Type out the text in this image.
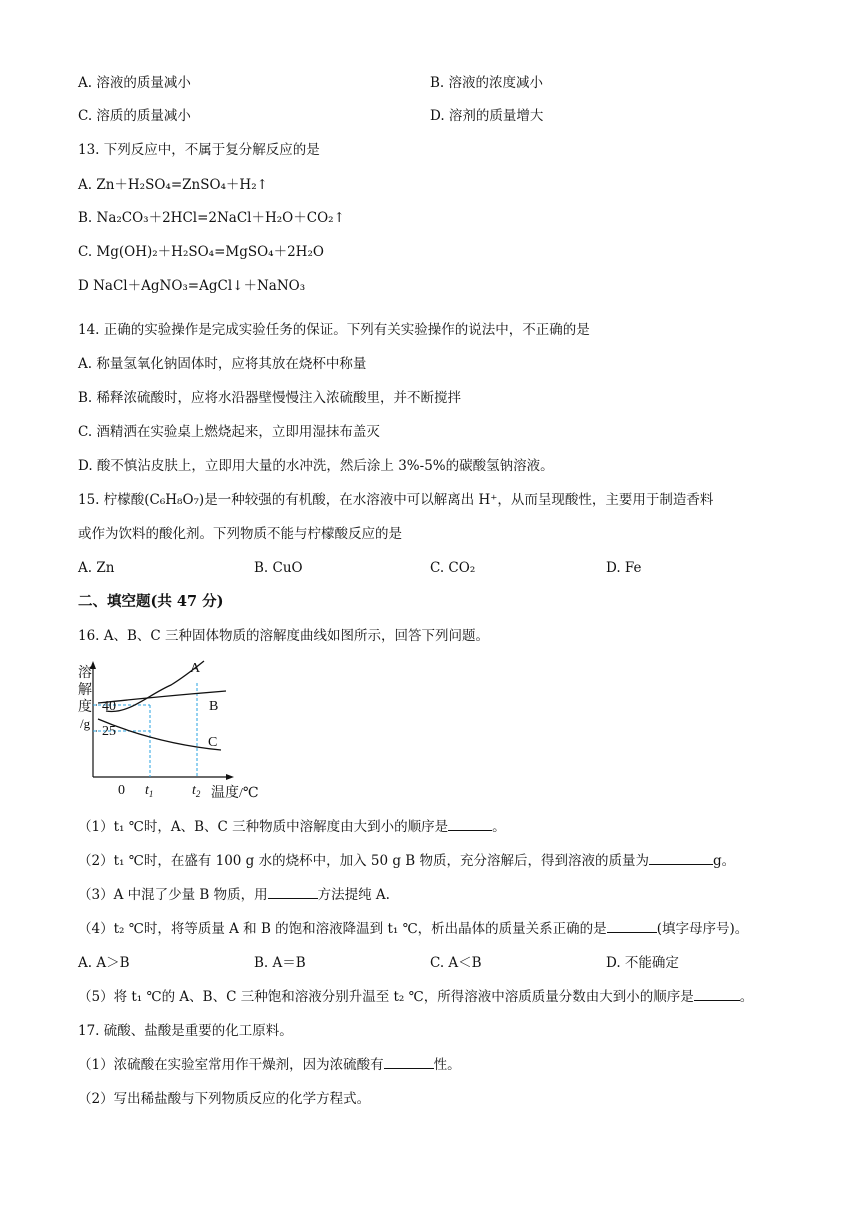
A. 溶液的质量减小	B. 溶液的浓度减小
C. 溶质的质量减小	D. 溶剂的质量增大
13. 下列反应中，不属于复分解反应的是
A. Zn＋H₂SO₄=ZnSO₄＋H₂↑
B. Na₂CO₃＋2HCl=2NaCl＋H₂O＋CO₂↑
C. Mg(OH)₂＋H₂SO₄=MgSO₄＋2H₂O
D NaCl＋AgNO₃=AgCl↓＋NaNO₃
14. 正确的实验操作是完成实验任务的保证。下列有关实验操作的说法中，不正确的是
A. 称量氢氧化钠固体时，应将其放在烧杯中称量
B. 稀释浓硫酸时，应将水沿器壁慢慢注入浓硫酸里，并不断搅拌
C. 酒精洒在实验桌上燃烧起来，立即用湿抹布盖灭
D. 酸不慎沾皮肤上，立即用大量的水冲洗，然后涂上 3%-5%的碳酸氢钠溶液。
15. 柠檬酸(C₆H₈O₇)是一种较强的有机酸，在水溶液中可以解离出 H⁺，从而呈现酸性，主要用于制造香料
或作为饮料的酸化剂。下列物质不能与柠檬酸反应的是
A. Zn	B. CuO	C. CO₂	D. Fe
二、填空题(共 47 分)
16. A、B、C 三种固体物质的溶解度曲线如图所示，回答下列问题。
溶
解
度
/g
40
25
0 $t_1$	$t_2$ 温度/℃
A
B
C
（1）t₁ ℃时，A、B、C 三种物质中溶解度由大到小的顺序是	。
（2）t₁ ℃时，在盛有 100 g 水的烧杯中，加入 50 g B 物质，充分溶解后，得到溶液的质量为	g。
（3）A 中混了少量 B 物质，用	方法提纯 A.
（4）t₂ ℃时，将等质量 A 和 B 的饱和溶液降温到 t₁ ℃，析出晶体的质量关系正确的是	(填字母序号)。
A. A＞B	B. A＝B	C. A＜B	D. 不能确定
（5）将 t₁ ℃的 A、B、C 三种饱和溶液分别升温至 t₂ ℃，所得溶液中溶质质量分数由大到小的顺序是	。
17. 硫酸、盐酸是重要的化工原料。
（1）浓硫酸在实验室常用作干燥剂，因为浓硫酸有	性。
（2）写出稀盐酸与下列物质反应的化学方程式。
